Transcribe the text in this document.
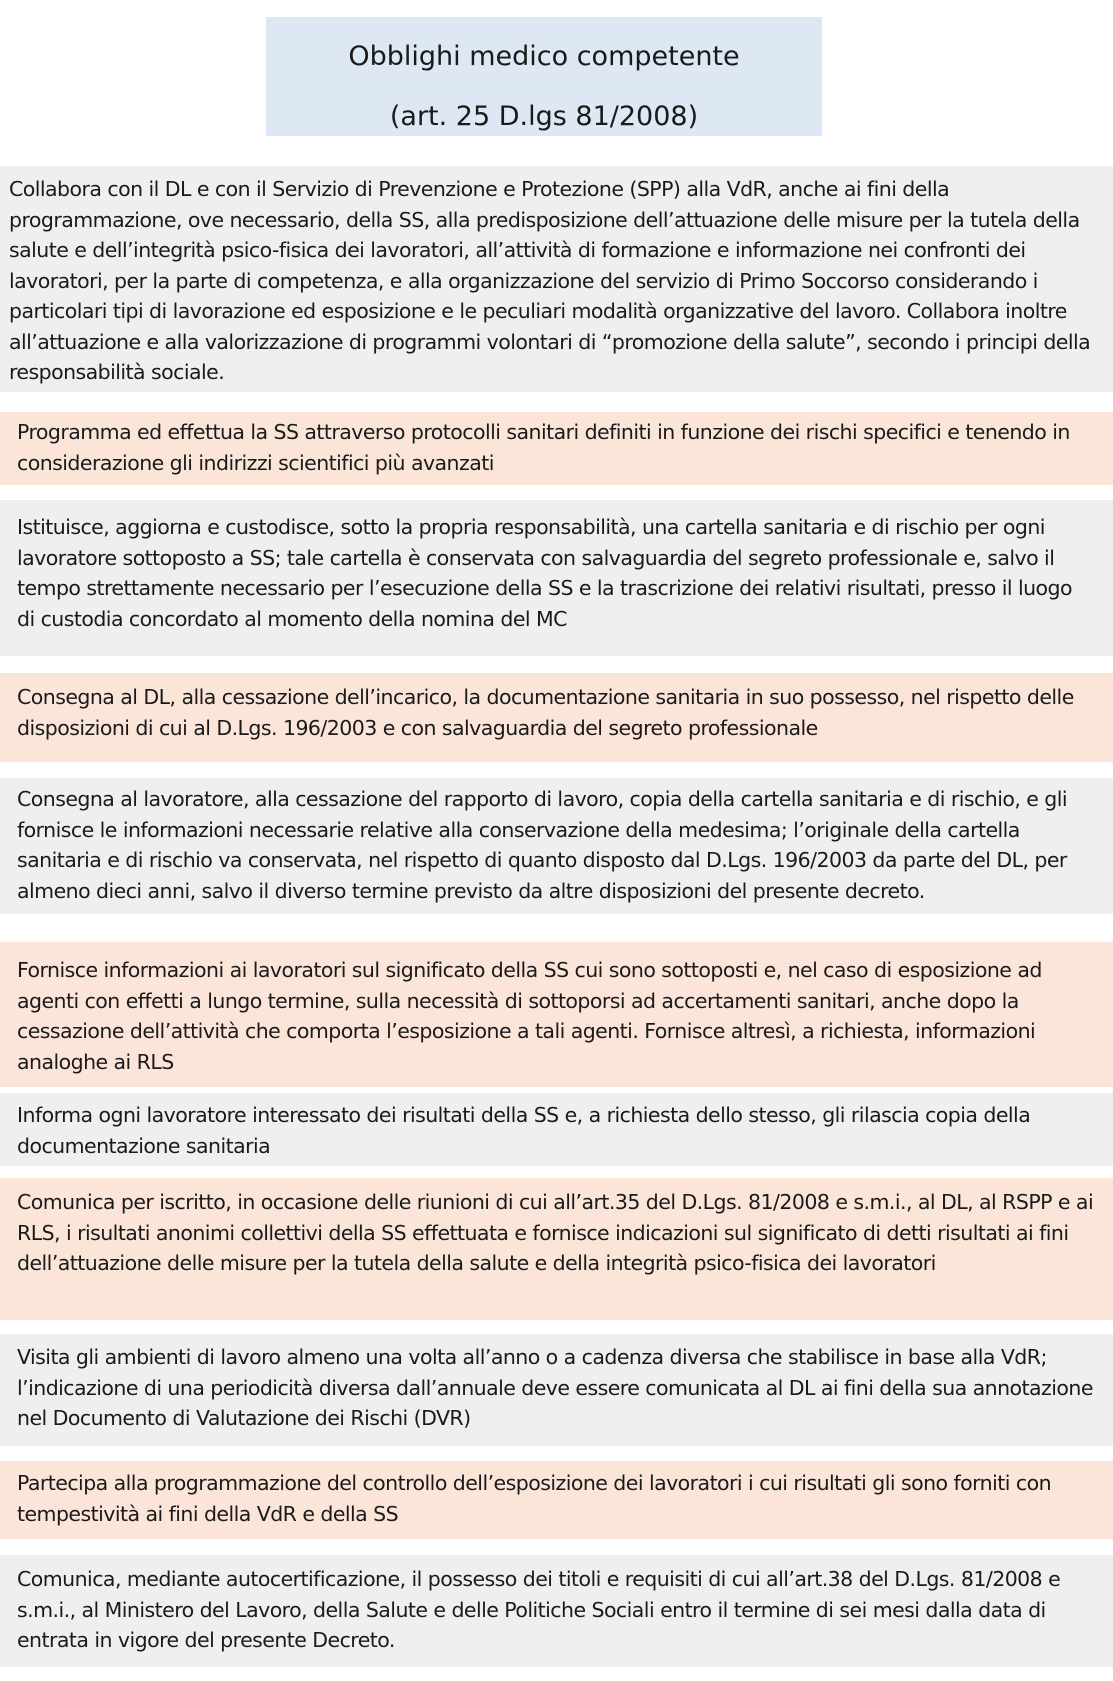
Obblighi medico competente
(art. 25 D.lgs 81/2008)
Collabora con il DL e con il Servizio di Prevenzione e Protezione (SPP) alla VdR, anche ai fini della programmazione, ove necessario, della SS, alla predisposizione dell’attuazione delle misure per la tutela della salute e dell’integrità psico-fisica dei lavoratori, all’attività di formazione e informazione nei confronti dei lavoratori, per la parte di competenza, e alla organizzazione del servizio di Primo Soccorso considerando i particolari tipi di lavorazione ed esposizione e le peculiari modalità organizzative del lavoro. Collabora inoltre all’attuazione e alla valorizzazione di programmi volontari di “promozione della salute”, secondo i principi della responsabilità sociale.
Programma ed effettua la SS attraverso protocolli sanitari definiti in funzione dei rischi specifici e tenendo in considerazione gli indirizzi scientifici più avanzati
Istituisce, aggiorna e custodisce, sotto la propria responsabilità, una cartella sanitaria e di rischio per ogni lavoratore sottoposto a SS; tale cartella è conservata con salvaguardia del segreto professionale e, salvo il tempo strettamente necessario per l’esecuzione della SS e la trascrizione dei relativi risultati, presso il luogo di custodia concordato al momento della nomina del MC
Consegna al DL, alla cessazione dell’incarico, la documentazione sanitaria in suo possesso, nel rispetto delle disposizioni di cui al D.Lgs. 196/2003 e con salvaguardia del segreto professionale
Consegna al lavoratore, alla cessazione del rapporto di lavoro, copia della cartella sanitaria e di rischio, e gli fornisce le informazioni necessarie relative alla conservazione della medesima; l’originale della cartella sanitaria e di rischio va conservata, nel rispetto di quanto disposto dal D.Lgs. 196/2003 da parte del DL, per almeno dieci anni, salvo il diverso termine previsto da altre disposizioni del presente decreto.
Fornisce informazioni ai lavoratori sul significato della SS cui sono sottoposti e, nel caso di esposizione ad agenti con effetti a lungo termine, sulla necessità di sottoporsi ad accertamenti sanitari, anche dopo la cessazione dell’attività che comporta l’esposizione a tali agenti. Fornisce altresì, a richiesta, informazioni analoghe ai RLS
Informa ogni lavoratore interessato dei risultati della SS e, a richiesta dello stesso, gli rilascia copia della documentazione sanitaria
Comunica per iscritto, in occasione delle riunioni di cui all’art.35 del D.Lgs. 81/2008 e s.m.i., al DL, al RSPP e ai RLS, i risultati anonimi collettivi della SS effettuata e fornisce indicazioni sul significato di detti risultati ai fini dell’attuazione delle misure per la tutela della salute e della integrità psico-fisica dei lavoratori
Visita gli ambienti di lavoro almeno una volta all’anno o a cadenza diversa che stabilisce in base alla VdR; l’indicazione di una periodicità diversa dall’annuale deve essere comunicata al DL ai fini della sua annotazione nel Documento di Valutazione dei Rischi (DVR)
Partecipa alla programmazione del controllo dell’esposizione dei lavoratori i cui risultati gli sono forniti con tempestività ai fini della VdR e della SS
Comunica, mediante autocertificazione, il possesso dei titoli e requisiti di cui all’art.38 del D.Lgs. 81/2008 e s.m.i., al Ministero del Lavoro, della Salute e delle Politiche Sociali entro il termine di sei mesi dalla data di entrata in vigore del presente Decreto.
